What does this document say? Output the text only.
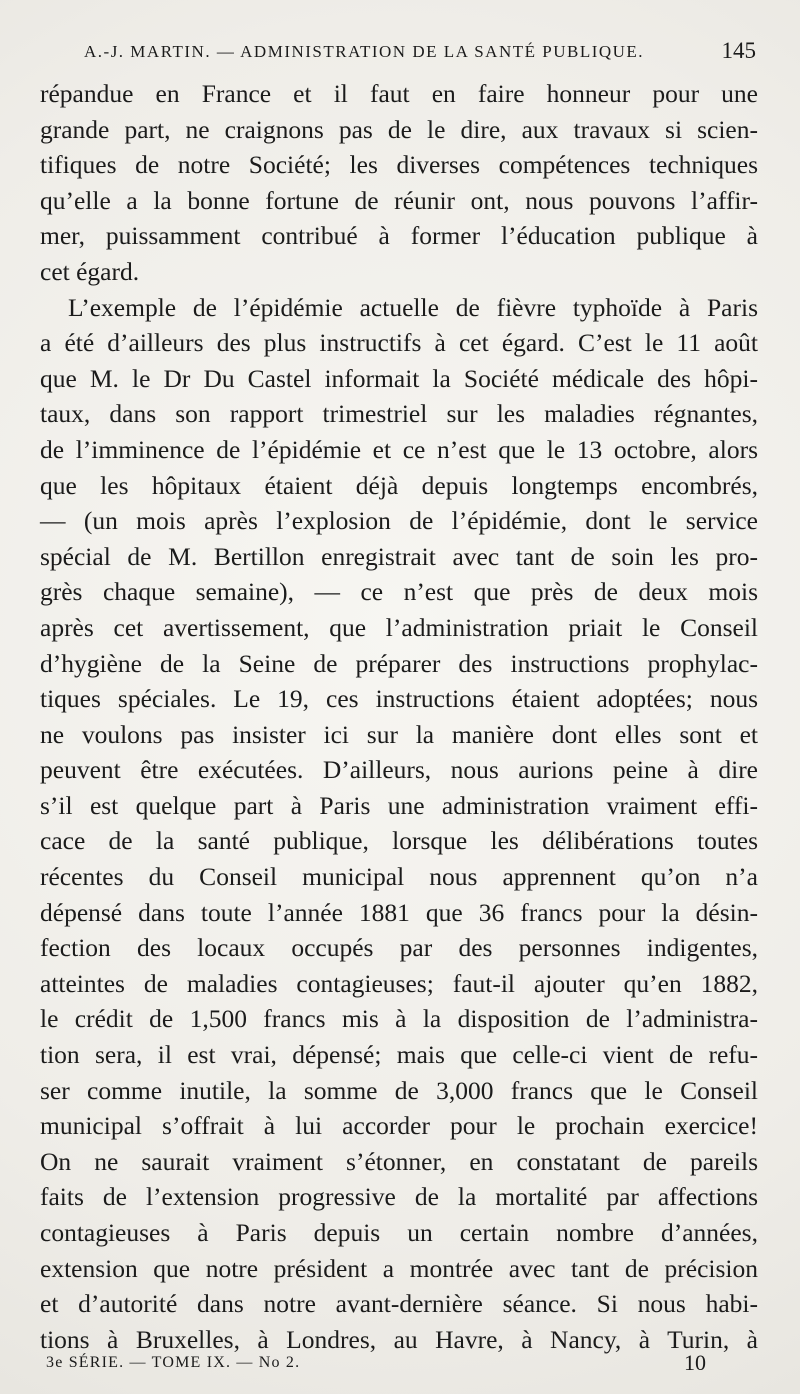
A.-J. MARTIN. — ADMINISTRATION DE LA SANTÉ PUBLIQUE.	145
répandue en France et il faut en faire honneur pour une
grande part, ne craignons pas de le dire, aux travaux si scien-
tifiques de notre Société; les diverses compétences techniques
qu’elle a la bonne fortune de réunir ont, nous pouvons l’affir-
mer, puissamment contribué à former l’éducation publique à
cet égard.
L’exemple de l’épidémie actuelle de fièvre typhoïde à Paris
a été d’ailleurs des plus instructifs à cet égard. C’est le 11 août
que M. le Dr Du Castel informait la Société médicale des hôpi-
taux, dans son rapport trimestriel sur les maladies régnantes,
de l’imminence de l’épidémie et ce n’est que le 13 octobre, alors
que les hôpitaux étaient déjà depuis longtemps encombrés,
— (un mois après l’explosion de l’épidémie, dont le service
spécial de M. Bertillon enregistrait avec tant de soin les pro-
grès chaque semaine), — ce n’est que près de deux mois
après cet avertissement, que l’administration priait le Conseil
d’hygiène de la Seine de préparer des instructions prophylac-
tiques spéciales. Le 19, ces instructions étaient adoptées; nous
ne voulons pas insister ici sur la manière dont elles sont et
peuvent être exécutées. D’ailleurs, nous aurions peine à dire
s’il est quelque part à Paris une administration vraiment effi-
cace de la santé publique, lorsque les délibérations toutes
récentes du Conseil municipal nous apprennent qu’on n’a
dépensé dans toute l’année 1881 que 36 francs pour la désin-
fection des locaux occupés par des personnes indigentes,
atteintes de maladies contagieuses; faut-il ajouter qu’en 1882,
le crédit de 1,500 francs mis à la disposition de l’administra-
tion sera, il est vrai, dépensé; mais que celle-ci vient de refu-
ser comme inutile, la somme de 3,000 francs que le Conseil
municipal s’offrait à lui accorder pour le prochain exercice!
On ne saurait vraiment s’étonner, en constatant de pareils
faits de l’extension progressive de la mortalité par affections
contagieuses à Paris depuis un certain nombre d’années,
extension que notre président a montrée avec tant de précision
et d’autorité dans notre avant-dernière séance. Si nous habi-
tions à Bruxelles, à Londres, au Havre, à Nancy, à Turin, à
3e SÉRIE. — TOME IX. — No 2.	10
